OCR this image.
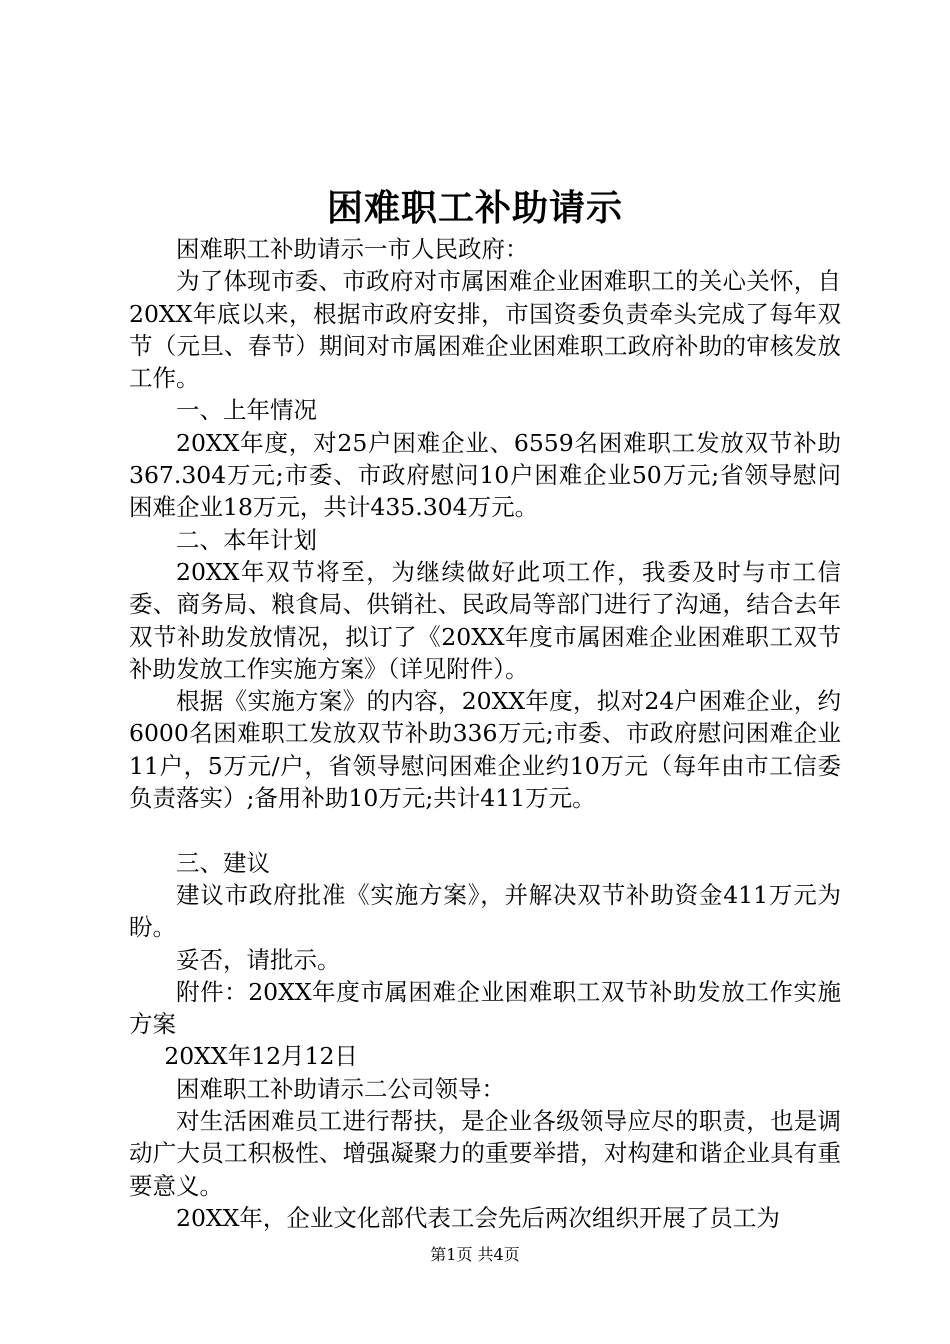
困难职工补助请示

困难职工补助请示一市人民政府：

为了体现市委、市政府对市属困难企业困难职工的关心关怀，自20XX年底以来，根据市政府安排，市国资委负责牵头完成了每年双节（元旦、春节）期间对市属困难企业困难职工政府补助的审核发放工作。

一、上年情况

20XX年度，对25户困难企业、6559名困难职工发放双节补助367.304万元;市委、市政府慰问10户困难企业50万元;省领导慰问困难企业18万元，共计435.304万元。

二、本年计划

20XX年双节将至，为继续做好此项工作，我委及时与市工信委、商务局、粮食局、供销社、民政局等部门进行了沟通，结合去年双节补助发放情况，拟订了《20XX年度市属困难企业困难职工双节补助发放工作实施方案》（详见附件）。

根据《实施方案》的内容，20XX年度，拟对24户困难企业，约6000名困难职工发放双节补助336万元;市委、市政府慰问困难企业11户，5万元/户，省领导慰问困难企业约10万元（每年由市工信委负责落实）;备用补助10万元;共计411万元。

三、建议

建议市政府批准《实施方案》，并解决双节补助资金411万元为盼。

妥否，请批示。

附件：20XX年度市属困难企业困难职工双节补助发放工作实施方案

20XX年12月12日

困难职工补助请示二公司领导：

对生活困难员工进行帮扶，是企业各级领导应尽的职责，也是调动广大员工积极性、增强凝聚力的重要举措，对构建和谐企业具有重要意义。

20XX年，企业文化部代表工会先后两次组织开展了员工为

第1页 共4页
